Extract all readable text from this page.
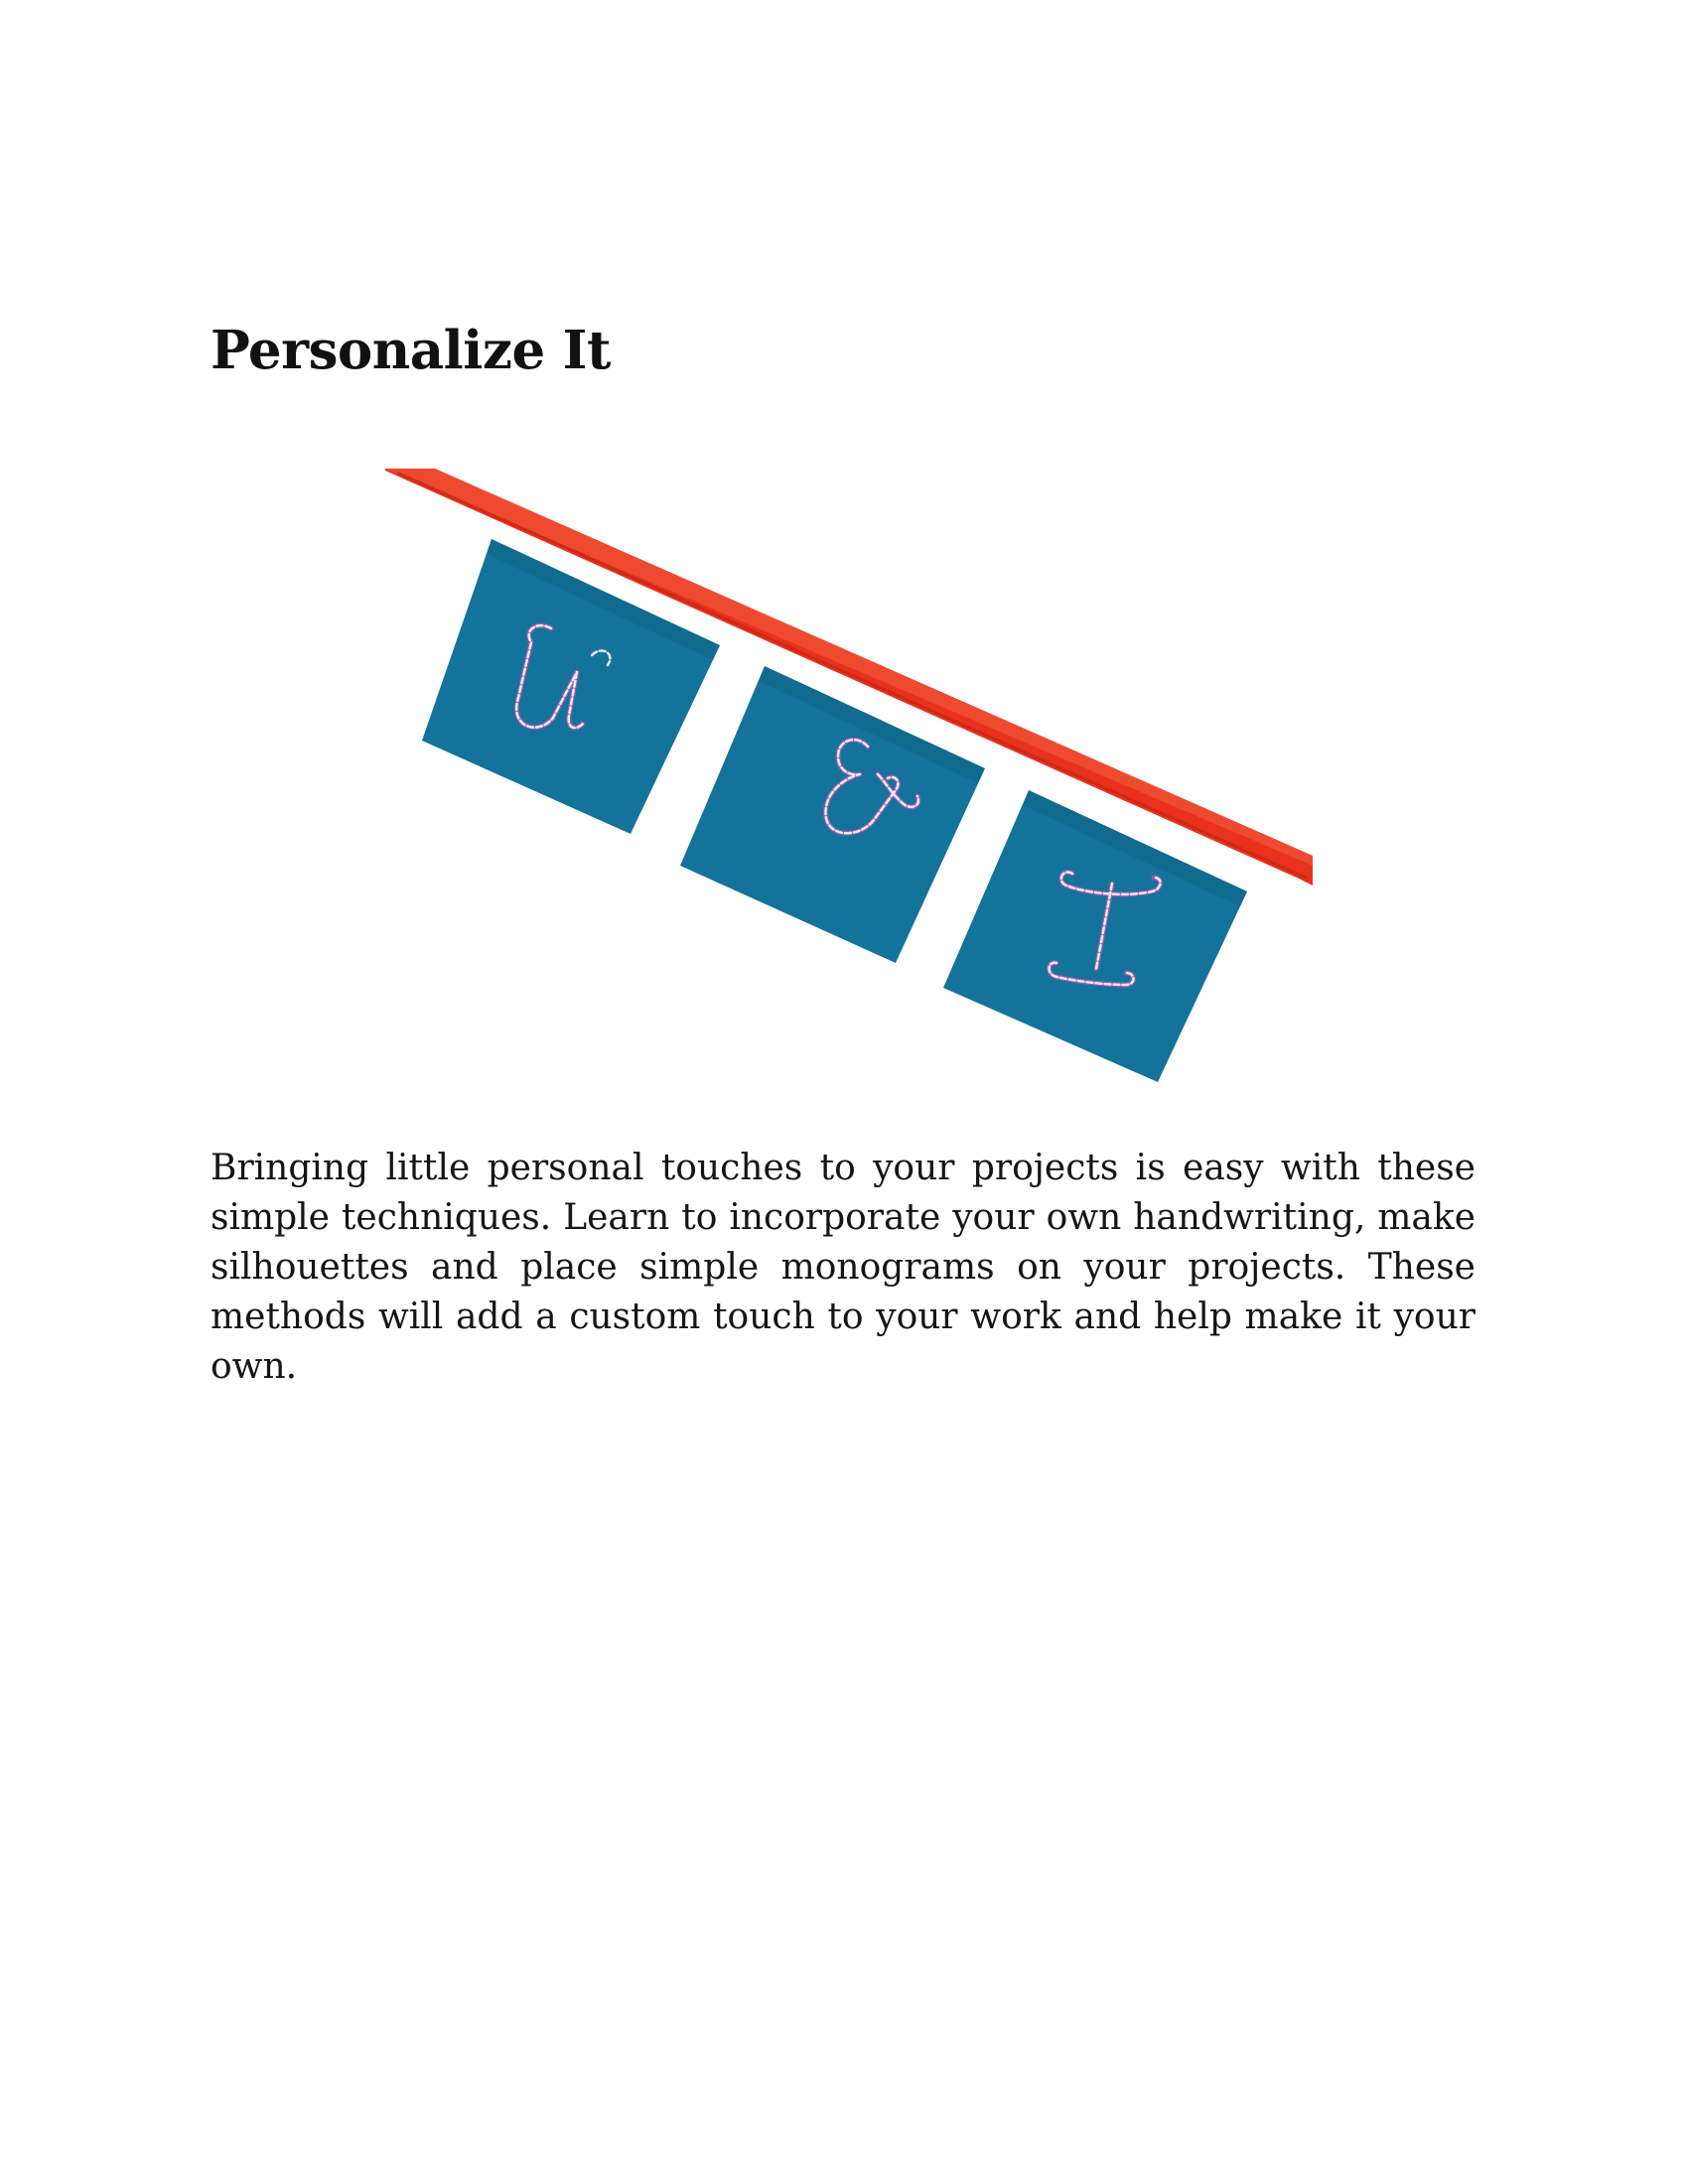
Personalize It

Bringing little personal touches to your projects is easy with these simple techniques. Learn to incorporate your own handwriting, make silhouettes and place simple monograms on your projects. These methods will add a custom touch to your work and help make it your own.
